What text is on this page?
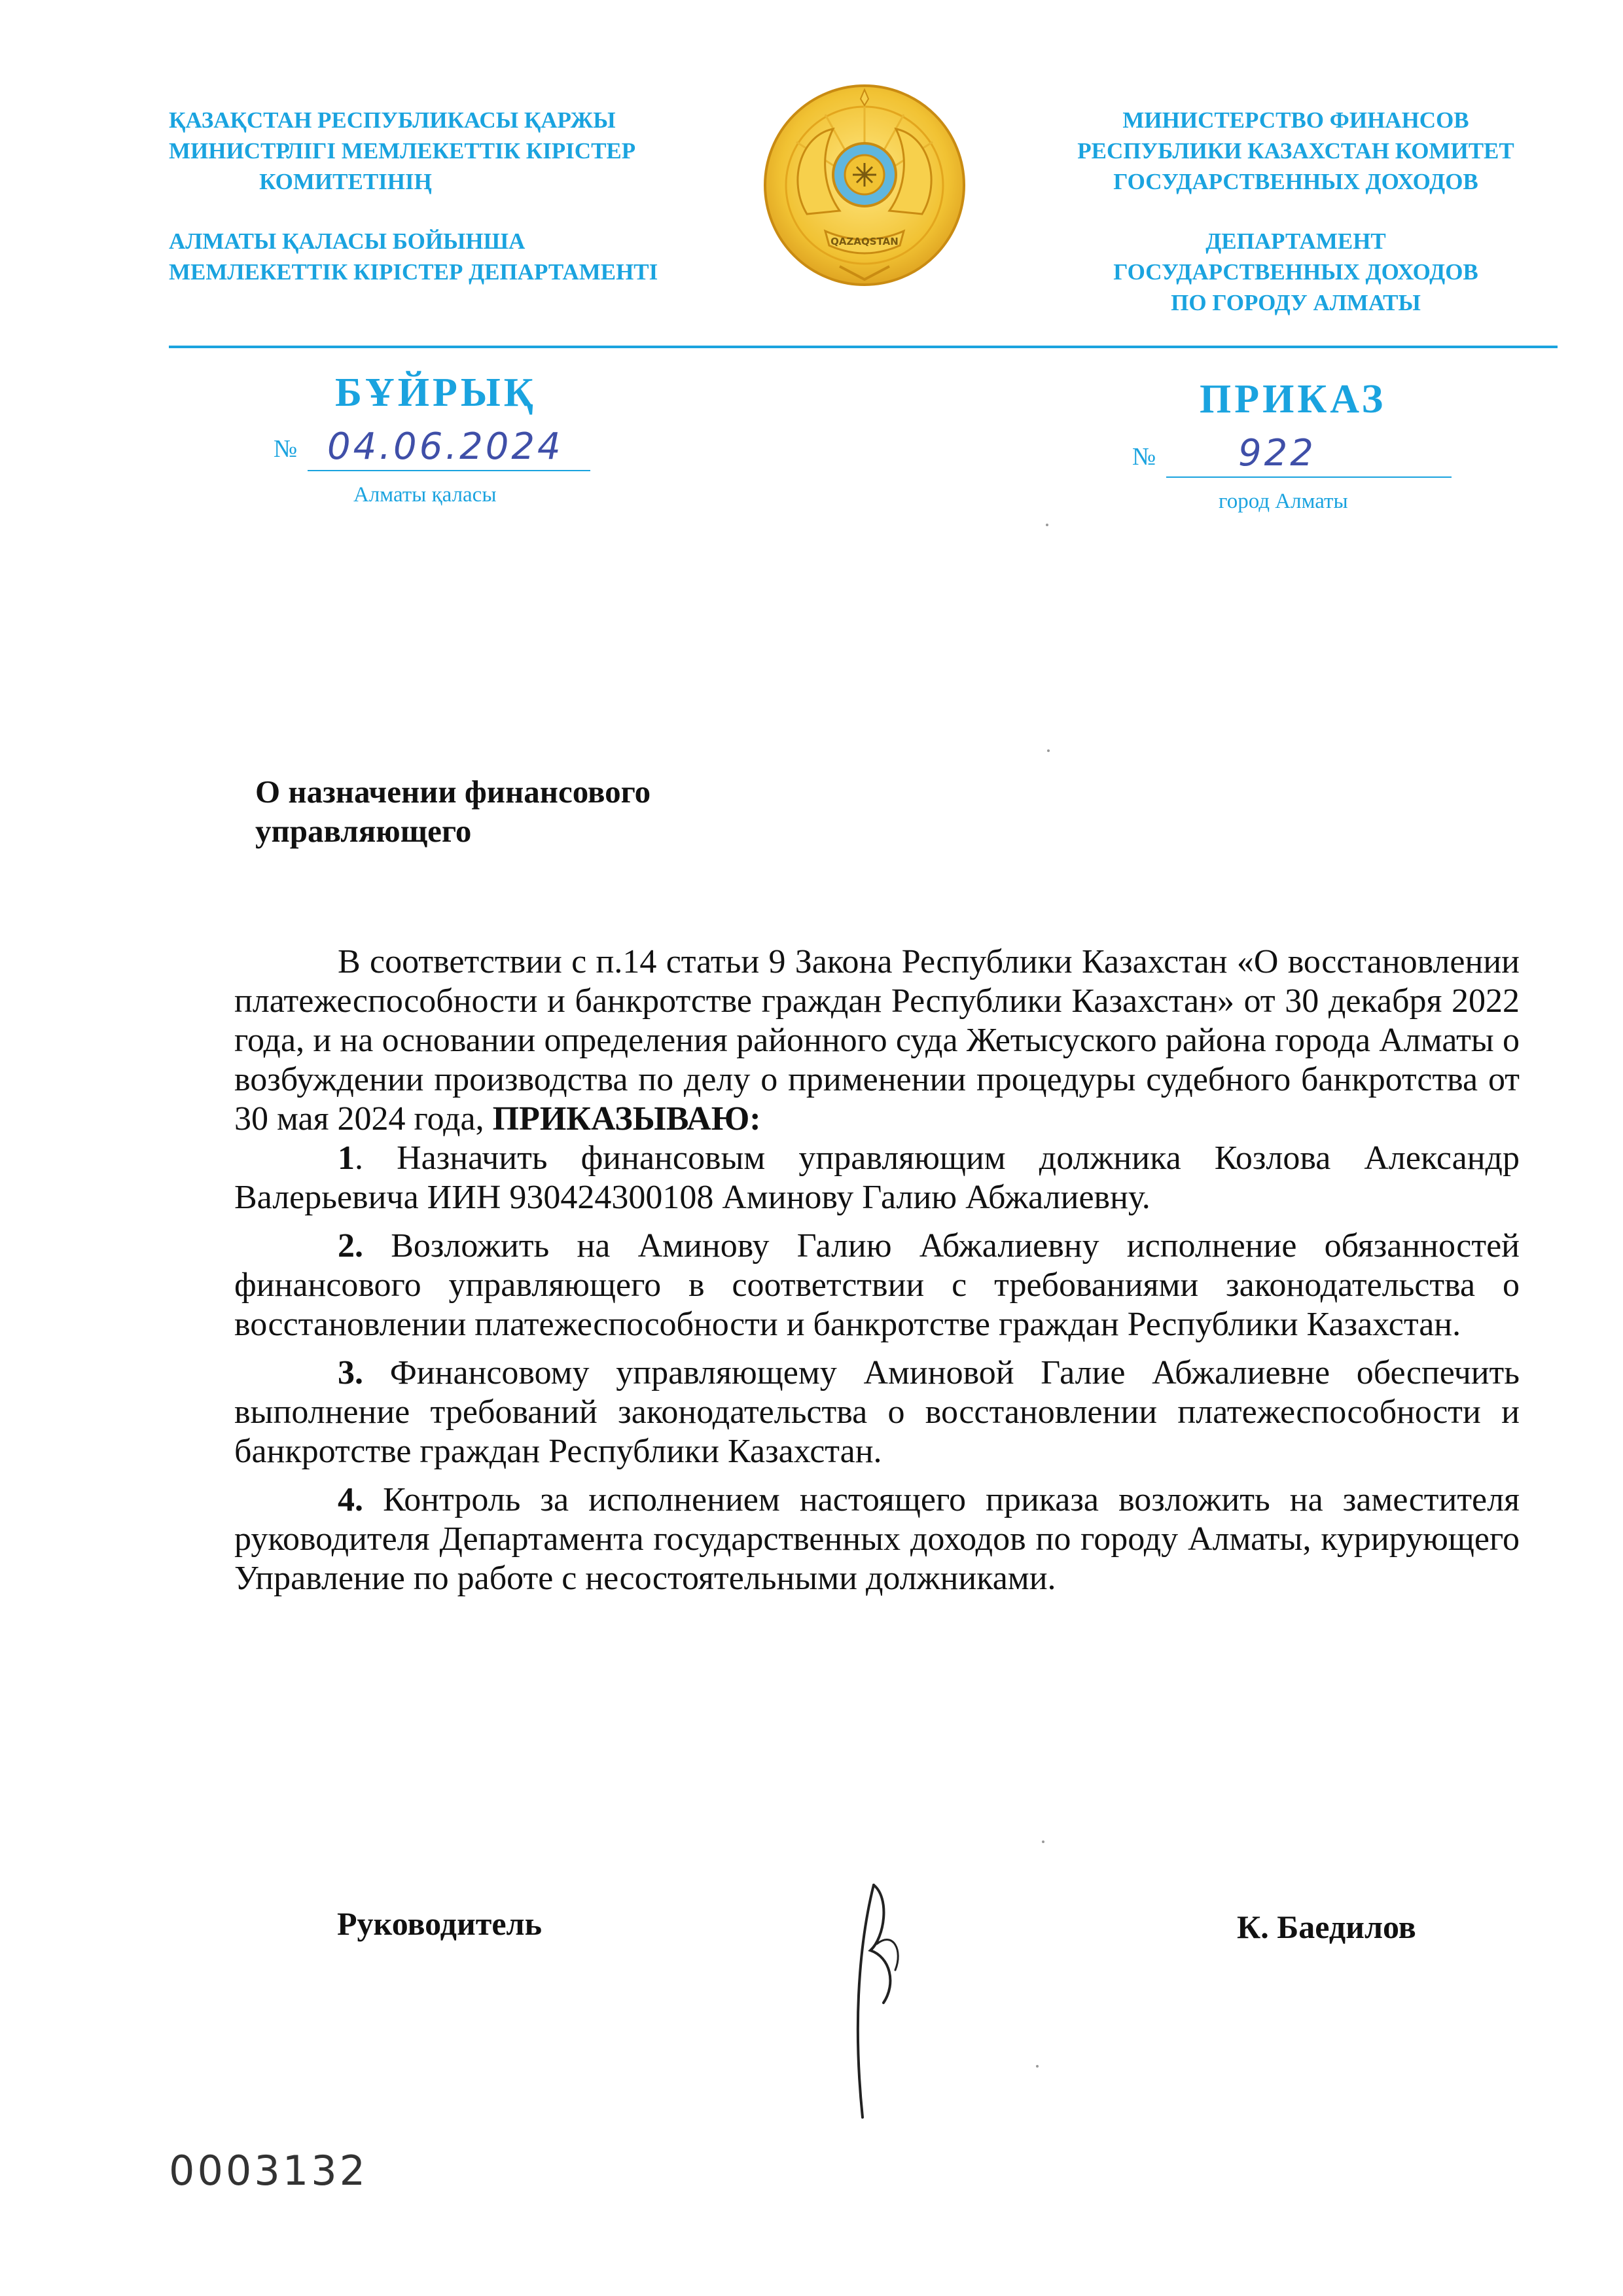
ҚАЗАҚСТАН РЕСПУБЛИКАСЫ ҚАРЖЫ
МИНИСТРЛІГІ МЕМЛЕКЕТТІК КІРІСТЕР
КОМИТЕТІНІҢ
АЛМАТЫ ҚАЛАСЫ БОЙЫНША
МЕМЛЕКЕТТІК КІРІСТЕР ДЕПАРТАМЕНТІ
QAZAQSTAN
МИНИСТЕРСТВО ФИНАНСОВ
РЕСПУБЛИКИ КАЗАХСТАН КОМИТЕТ
ГОСУДАРСТВЕННЫХ ДОХОДОВ
ДЕПАРТАМЕНТ
ГОСУДАРСТВЕННЫХ ДОХОДОВ
ПО ГОРОДУ АЛМАТЫ
БҰЙРЫҚ	ПРИКАЗ
№ 04.06.2024
Алматы қаласы
№ 922
город Алматы
О назначении финансового
управляющего

В соответствии с п.14 статьи 9 Закона Республики Казахстан «О восстановлении платежеспособности и банкротстве граждан Республики Казахстан» от 30 декабря 2022 года, и на основании определения районного суда Жетысуского района города Алматы о возбуждении производства по делу о применении процедуры судебного банкротства от 30 мая 2024 года, ПРИКАЗЫВАЮ:

1. Назначить финансовым управляющим должника Козлова Александр Валерьевича ИИН 930424300108 Аминову Галию Абжалиевну.

2. Возложить на Аминову Галию Абжалиевну исполнение обязанностей финансового управляющего в соответствии с требованиями законодательства о восстановлении платежеспособности и банкротстве граждан Республики Казахстан.

3. Финансовому управляющему Аминовой Галие Абжалиевне обеспечить выполнение требований законодательства о восстановлении платежеспособности и банкротстве граждан Республики Казахстан.

4. Контроль за исполнением настоящего приказа возложить на заместителя руководителя Департамента государственных доходов по городу Алматы, курирующего Управление по работе с несостоятельными должниками.

Руководитель	К. Баедилов
0003132
